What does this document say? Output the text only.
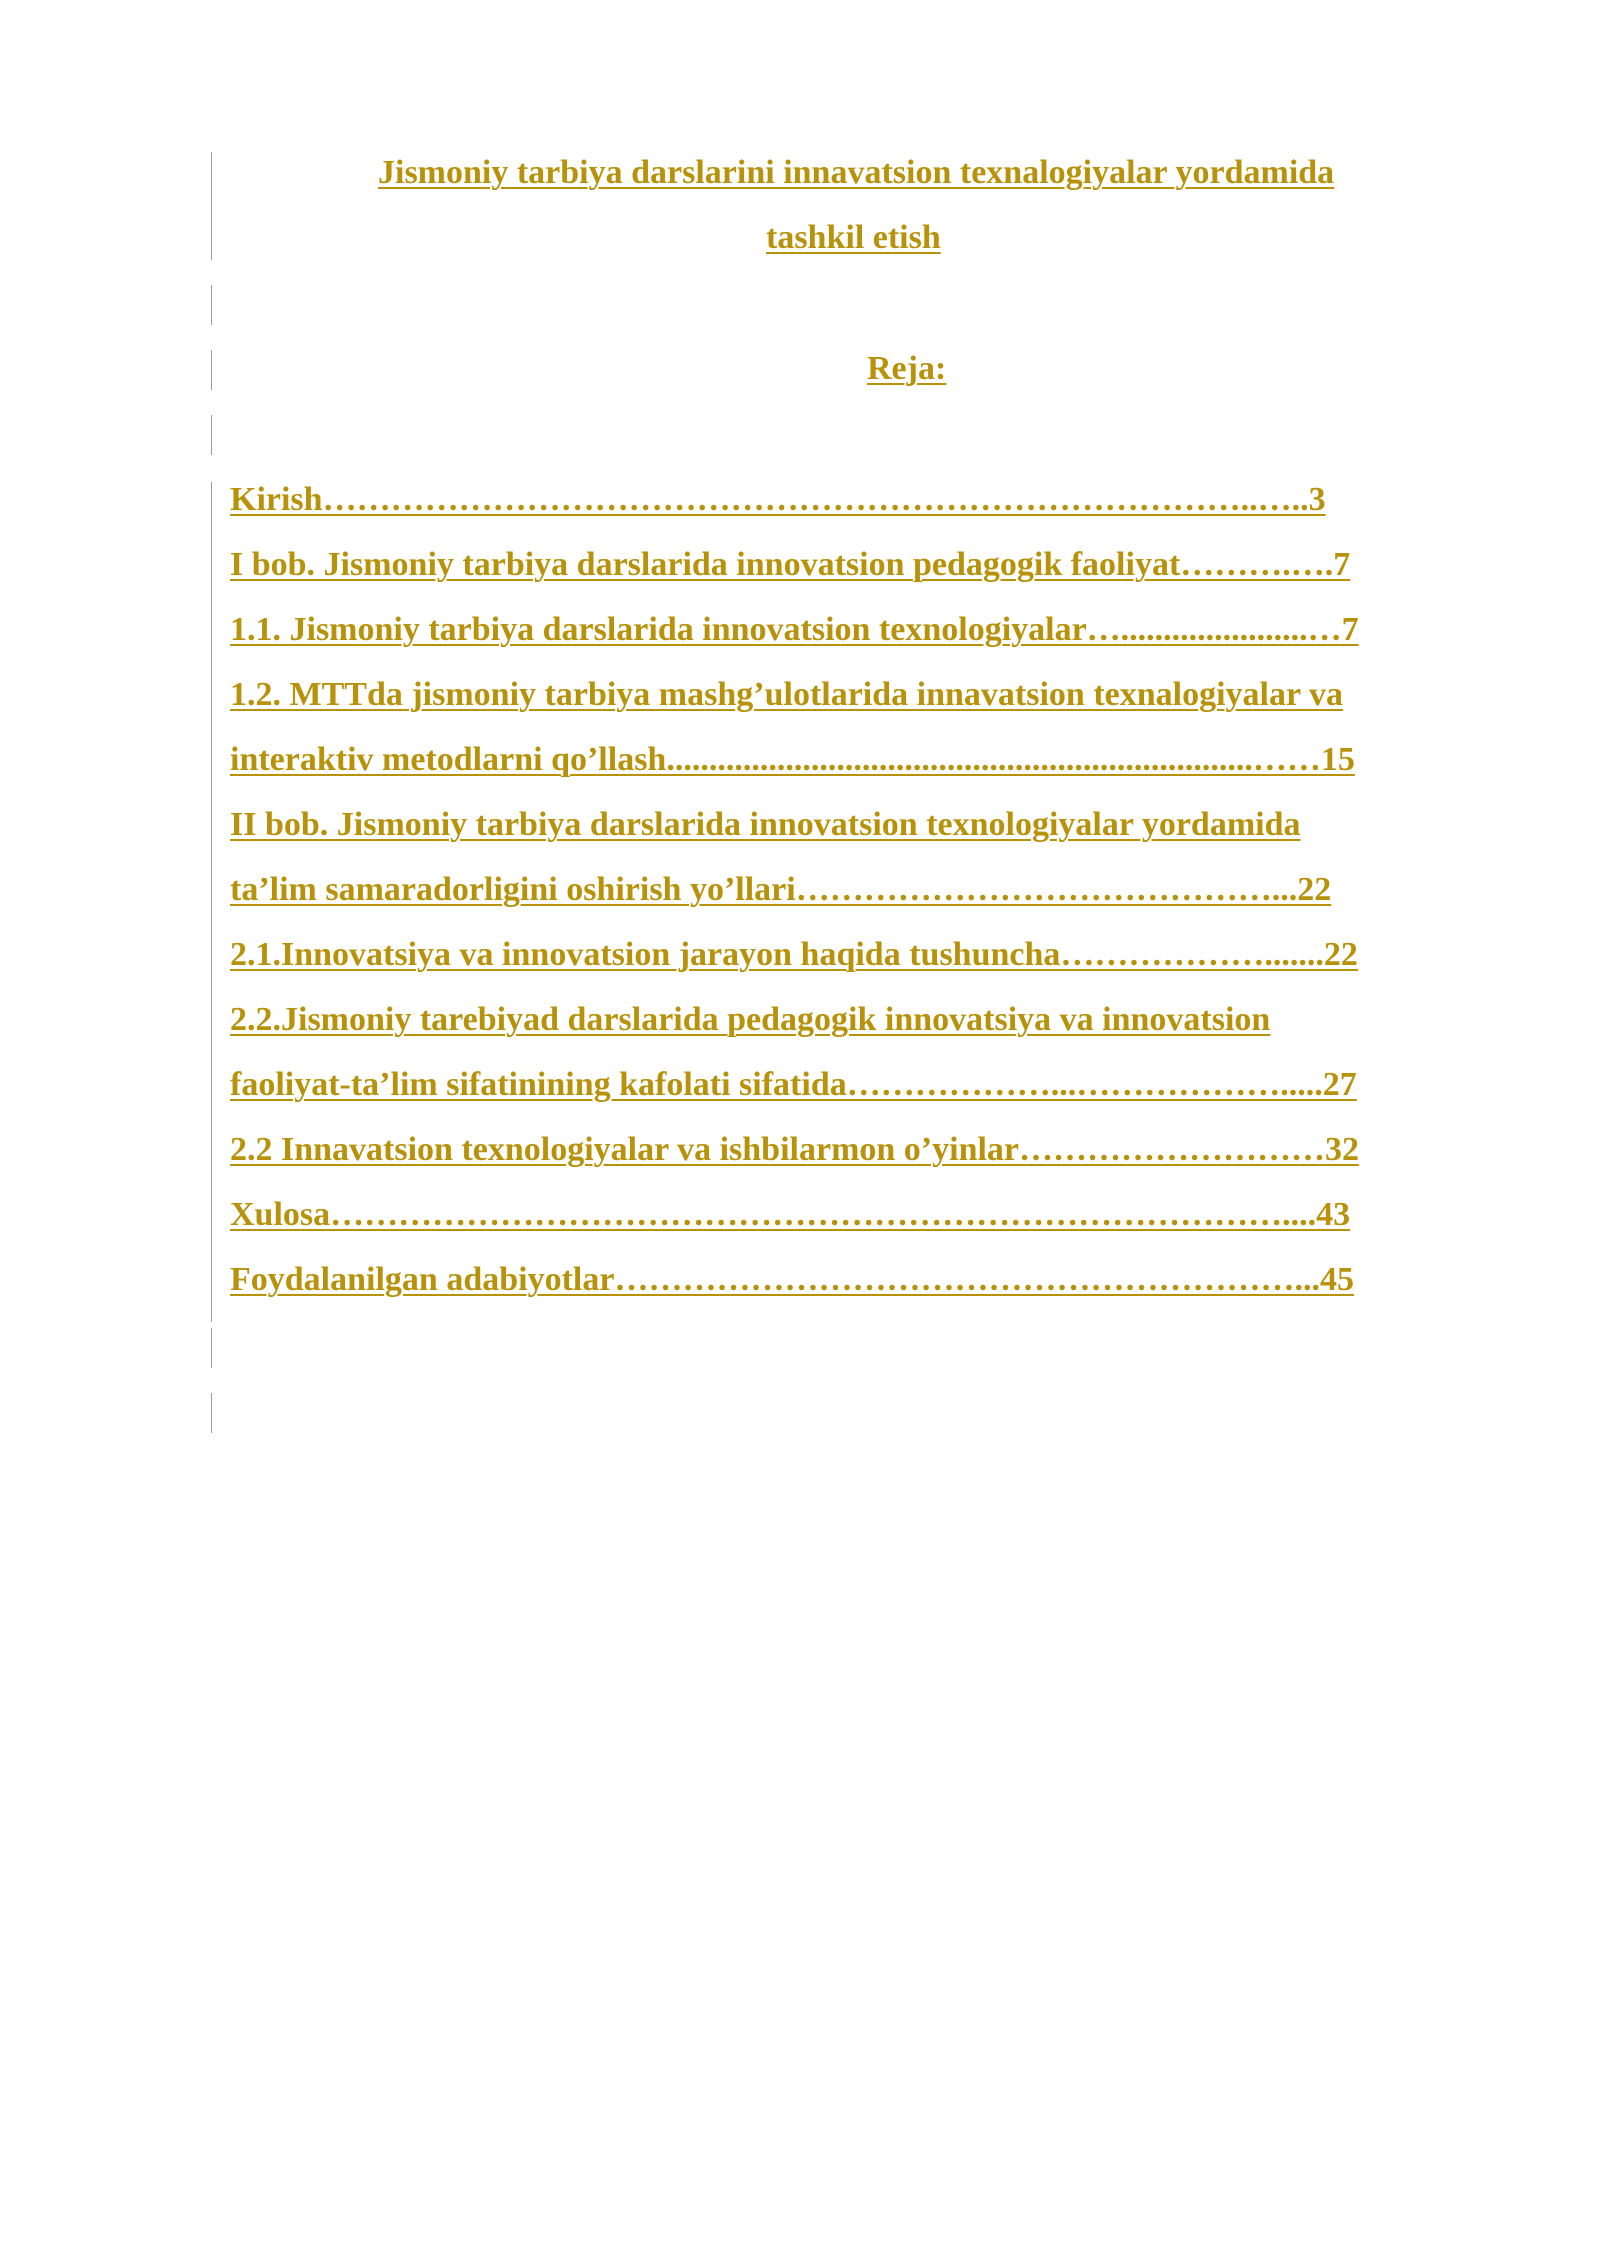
Jismoniy tarbiya darslarini innavatsion texnalogiyalar yordamida
tashkil etish
Reja:
Kirish………………………………………………………………………..…..3
I bob. Jismoniy tarbiya darslarida innovatsion pedagogik faoliyat……….….7
1.1. Jismoniy tarbiya darslarida innovatsion texnologiyalar…......................…7
1.2. MTTda jismoniy tarbiya mashg’ulotlarida innavatsion texnalogiyalar va
interaktiv metodlarni qo’llash.....................................................................……15
II bob. Jismoniy tarbiya darslarida innovatsion texnologiyalar yordamida
ta’lim samaradorligini oshirish yo’llari……………………………………...22
2.1.Innovatsiya va innovatsion jarayon haqida tushuncha……………….......22
2.2.Jismoniy tarebiyad darslarida pedagogik innovatsiya va innovatsion
faoliyat-ta’lim sifatinining kafolati sifatida………………...……………….....27
2.2 Innavatsion texnologiyalar va ishbilarmon o’yinlar………………………32
Xulosa…………………………………………………………………………....43
Foydalanilgan adabiyotlar……………………………………………………...45
